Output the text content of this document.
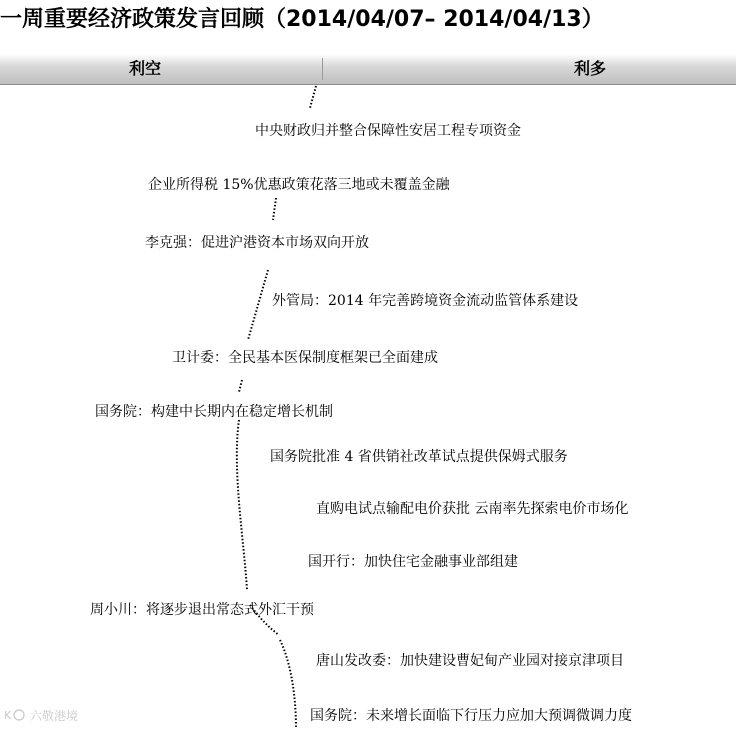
一周重要经济政策发言回顾（2014/04/07– 2014/04/13）
利空	利多
中央财政归并整合保障性安居工程专项资金
企业所得税 15%优惠政策花落三地或未覆盖金融
李克强：促进沪港资本市场双向开放
外管局：2014 年完善跨境资金流动监管体系建设
卫计委：全民基本医保制度框架已全面建成
国务院：构建中长期内在稳定增长机制
国务院批准 4 省供销社改革试点提供保姆式服务
直购电试点输配电价获批 云南率先探索电价市场化
国开行：加快住宅金融事业部组建
周小川：将逐步退出常态式外汇干预
唐山发改委：加快建设曹妃甸产业园对接京津项目
国务院：未来增长面临下行压力应加大预调微调力度
K 六敬港境
